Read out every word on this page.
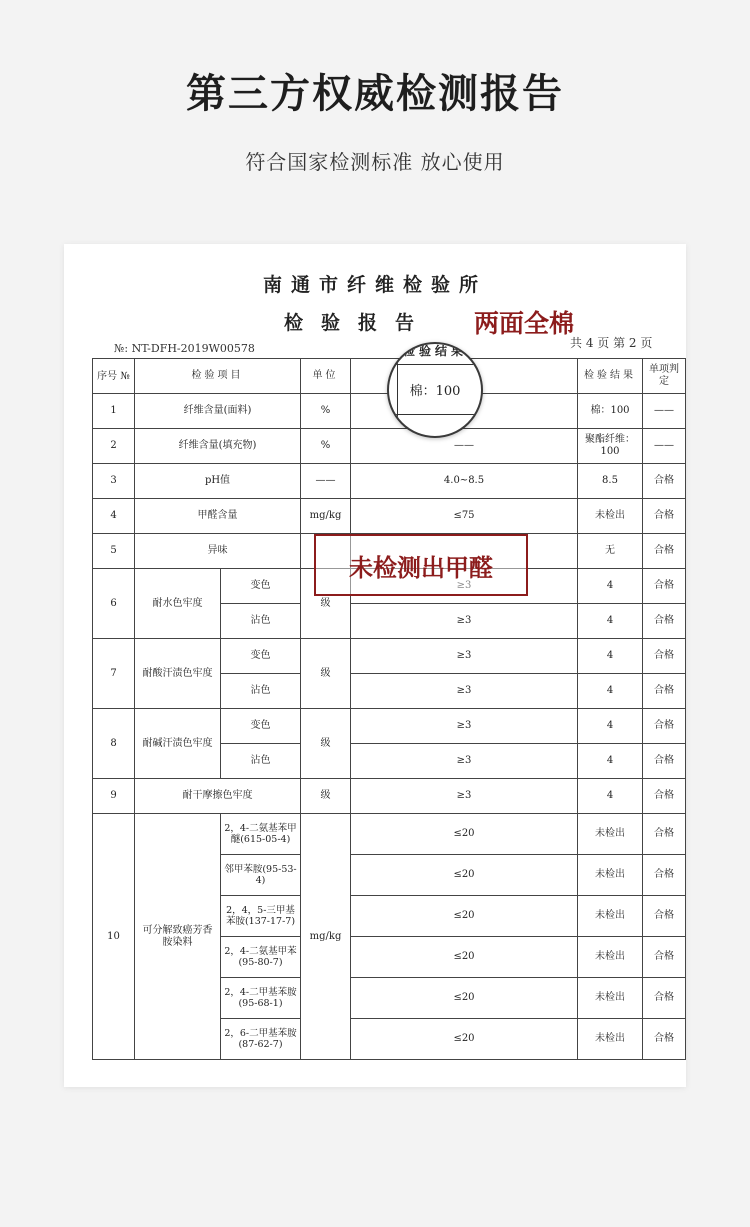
第三方权威检测报告
符合国家检测标准 放心使用
南通市纤维检验所
检验报告 两面全棉
№: NT-DFH-2019W00578	共 4 页 第 2 页
序号 №	检验项目		单位		检验结果	单项判定
1	纤维含量(面料)		%		棉：100	——
2	纤维含量(填充物)		%	——	聚酯纤维：100	——
3	pH值		——	4.0~8.5	8.5	合格
4	甲醛含量		mg/kg	≤75	未检出	合格
5	异味				无	合格
6	耐水色牢度	变色	级	≥3	4	合格
		沾色		≥3	4	合格
7	耐酸汗渍色牢度	变色	级	≥3	4	合格
		沾色		≥3	4	合格
8	耐碱汗渍色牢度	变色	级	≥3	4	合格
		沾色		≥3	4	合格
9	耐干摩擦色牢度		级	≥3	4	合格
10	可分解致癌芳香胺染料	2，4-二氨基苯甲醚(615-05-4)	mg/kg	≤20	未检出	合格
		邻甲苯胺(95-53-4)		≤20	未检出	合格
		2，4，5-三甲基苯胺(137-17-7)		≤20	未检出	合格
		2，4-二氨基甲苯(95-80-7)		≤20	未检出	合格
		2，4-二甲基苯胺(95-68-1)		≤20	未检出	合格
		2，6-二甲基苯胺(87-62-7)		≤20	未检出	合格
检验结果
棉：100
未检测出甲醛
